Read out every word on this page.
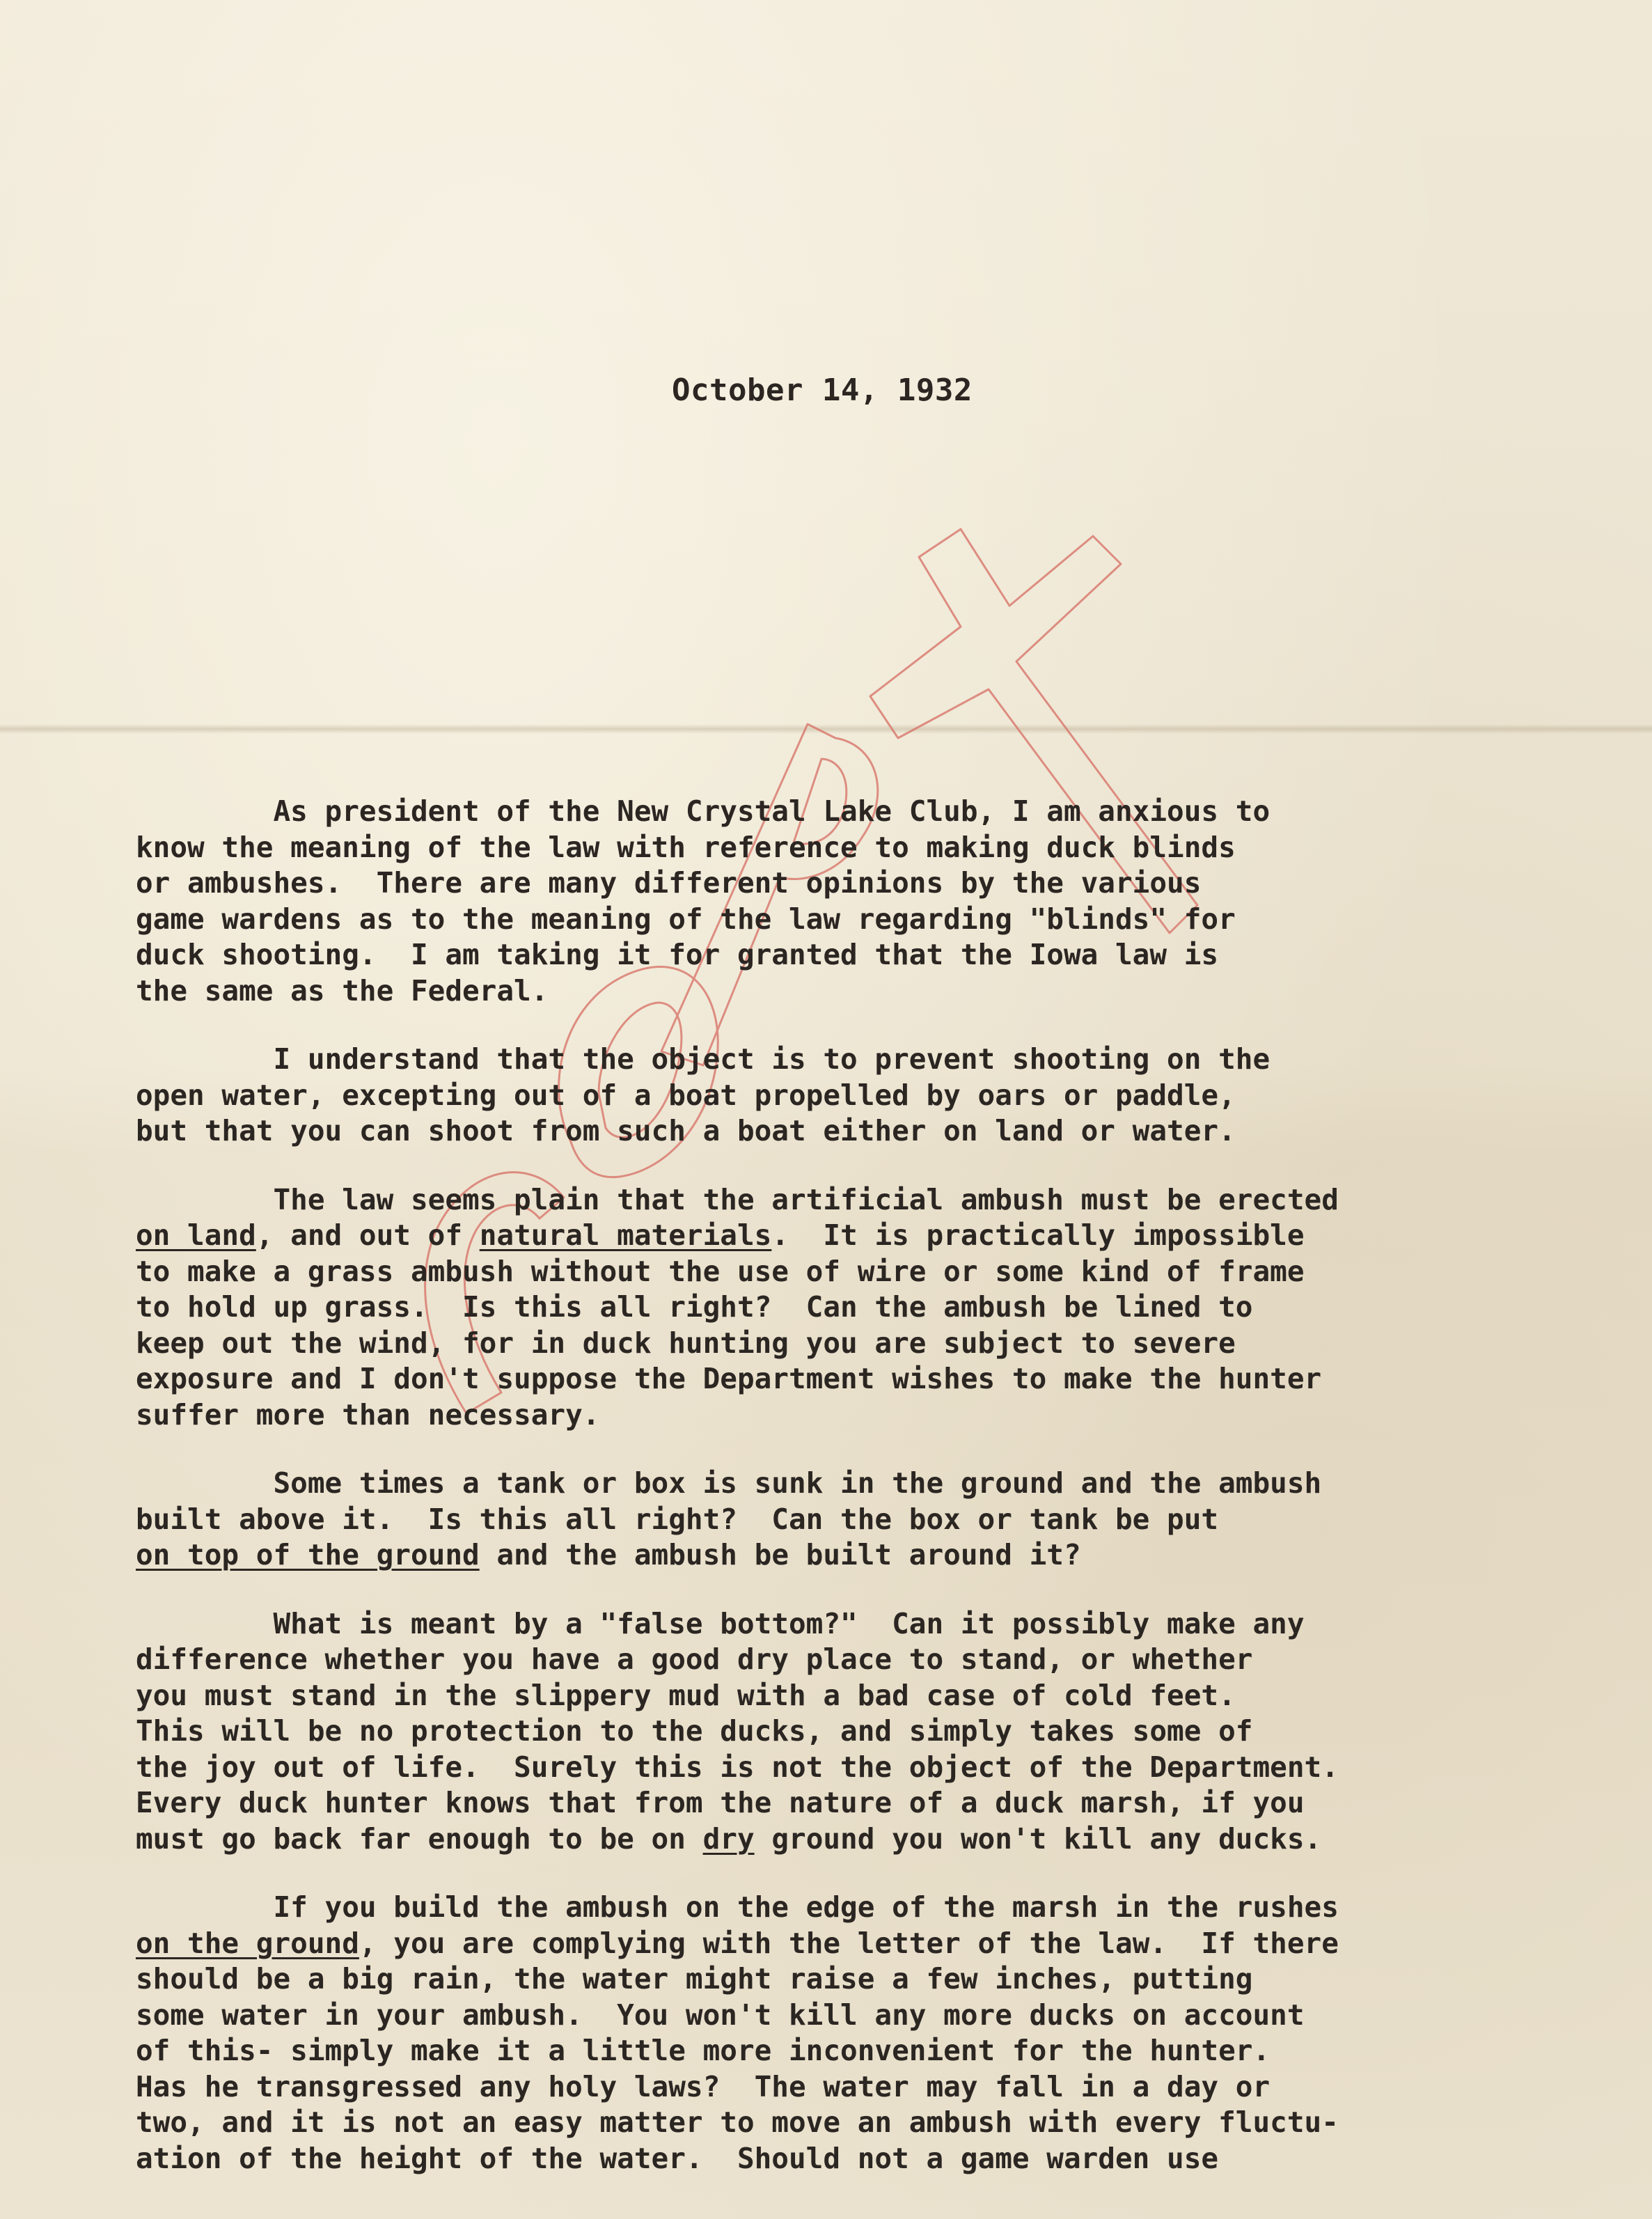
October 14, 1932
As president of the New Crystal Lake Club, I am anxious to
know the meaning of the law with reference to making duck blinds
or ambushes.  There are many different opinions by the various
game wardens as to the meaning of the law regarding "blinds" for
duck shooting.  I am taking it for granted that the Iowa law is
the same as the Federal.
I understand that the object is to prevent shooting on the
open water, excepting out of a boat propelled by oars or paddle,
but that you can shoot from such a boat either on land or water.
The law seems plain that the artificial ambush must be erected
on land, and out of natural materials.  It is practically impossible
to make a grass ambush without the use of wire or some kind of frame
to hold up grass.  Is this all right?  Can the ambush be lined to
keep out the wind, for in duck hunting you are subject to severe
exposure and I don't suppose the Department wishes to make the hunter
suffer more than necessary.
Some times a tank or box is sunk in the ground and the ambush
built above it.  Is this all right?  Can the box or tank be put
on top of the ground and the ambush be built around it?
What is meant by a "false bottom?"  Can it possibly make any
difference whether you have a good dry place to stand, or whether
you must stand in the slippery mud with a bad case of cold feet.
This will be no protection to the ducks, and simply takes some of
the joy out of life.  Surely this is not the object of the Department.
Every duck hunter knows that from the nature of a duck marsh, if you
must go back far enough to be on dry ground you won't kill any ducks.
If you build the ambush on the edge of the marsh in the rushes
on the ground, you are complying with the letter of the law.  If there
should be a big rain, the water might raise a few inches, putting
some water in your ambush.  You won't kill any more ducks on account
of this- simply make it a little more inconvenient for the hunter.
Has he transgressed any holy laws?  The water may fall in a day or
two, and it is not an easy matter to move an ambush with every fluctu-
ation of the height of the water.  Should not a game warden use
